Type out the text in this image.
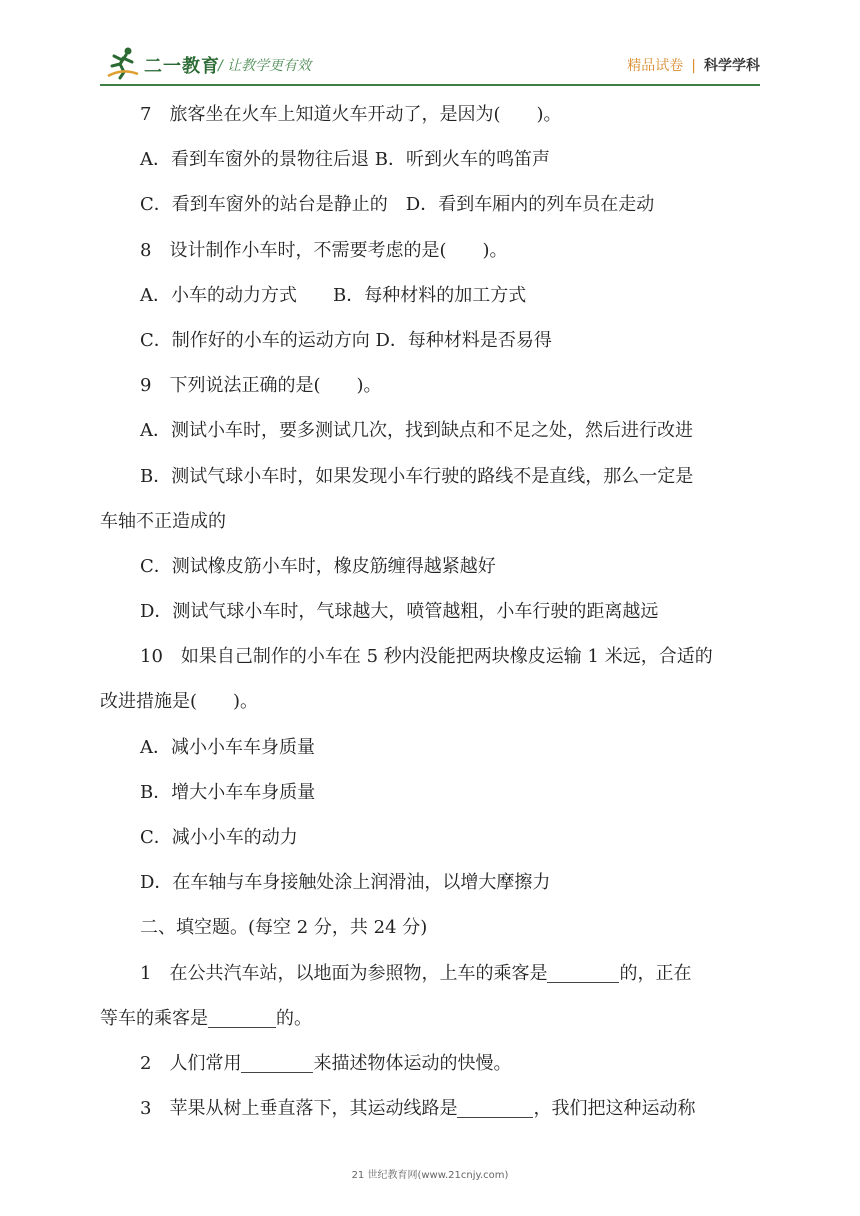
二一教育
/ 让教学更有效	精品试卷 | 科学学科
7　旅客坐在火车上知道火车开动了，是因为(　　)。
A．看到车窗外的景物往后退 B．听到火车的鸣笛声
C．看到车窗外的站台是静止的　D．看到车厢内的列车员在走动
8　设计制作小车时，不需要考虑的是(　　)。
A．小车的动力方式　　B．每种材料的加工方式
C．制作好的小车的运动方向 D．每种材料是否易得
9　下列说法正确的是(　　)。
A．测试小车时，要多测试几次，找到缺点和不足之处，然后进行改进
B．测试气球小车时，如果发现小车行驶的路线不是直线，那么一定是
车轴不正造成的
C．测试橡皮筋小车时，橡皮筋缠得越紧越好
D．测试气球小车时，气球越大，喷管越粗，小车行驶的距离越远
10　如果自己制作的小车在 5 秒内没能把两块橡皮运输 1 米远，合适的
改进措施是(　　)。
A．减小小车车身质量
B．增大小车车身质量
C．减小小车的动力
D．在车轴与车身接触处涂上润滑油，以增大摩擦力
二、填空题。(每空 2 分，共 24 分)
1　在公共汽车站，以地面为参照物，上车的乘客是	的，正在
等车的乘客是	的。
2　人们常用	来描述物体运动的快慢。
3　苹果从树上垂直落下，其运动线路是	，我们把这种运动称
21 世纪教育网(www.21cnjy.com)
